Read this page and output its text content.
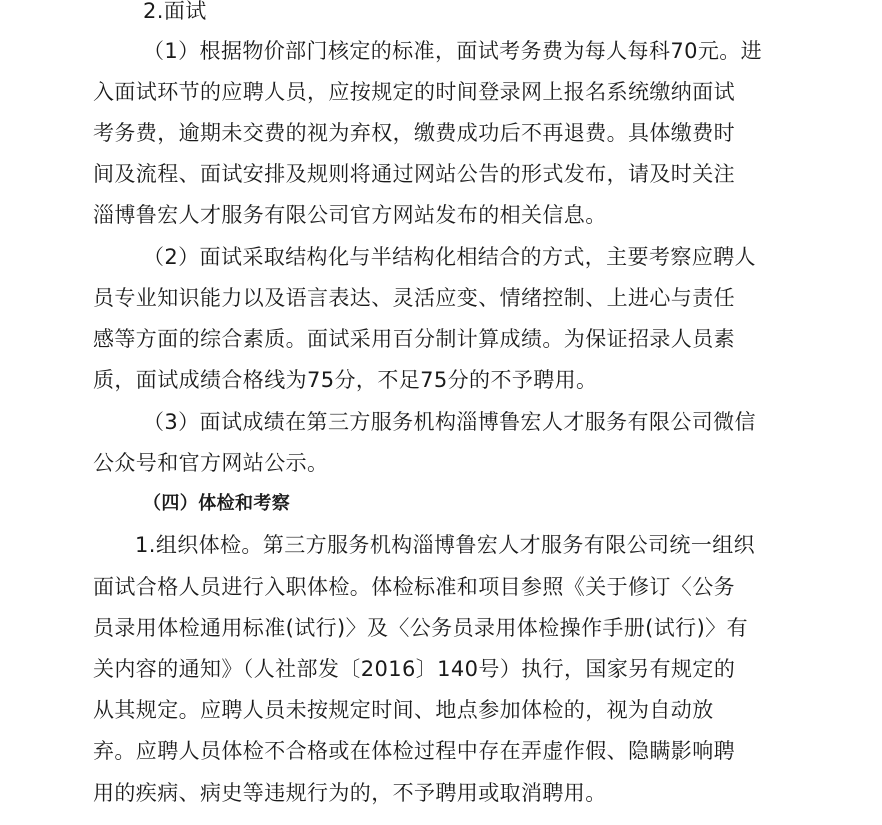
2.面试
（1）根据物价部门核定的标准，面试考务费为每人每科70元。进
入面试环节的应聘人员，应按规定的时间登录网上报名系统缴纳面试
考务费，逾期未交费的视为弃权，缴费成功后不再退费。具体缴费时
间及流程、面试安排及规则将通过网站公告的形式发布，请及时关注
淄博鲁宏人才服务有限公司官方网站发布的相关信息。
（2）面试采取结构化与半结构化相结合的方式，主要考察应聘人
员专业知识能力以及语言表达、灵活应变、情绪控制、上进心与责任
感等方面的综合素质。面试采用百分制计算成绩。为保证招录人员素
质，面试成绩合格线为75分，不足75分的不予聘用。
（3）面试成绩在第三方服务机构淄博鲁宏人才服务有限公司微信
公众号和官方网站公示。
（四）体检和考察
1.组织体检。第三方服务机构淄博鲁宏人才服务有限公司统一组织
面试合格人员进行入职体检。体检标准和项目参照《关于修订〈公务
员录用体检通用标准(试行)〉及〈公务员录用体检操作手册(试行)〉有
关内容的通知》（人社部发〔2016〕140号）执行，国家另有规定的
从其规定。应聘人员未按规定时间、地点参加体检的，视为自动放
弃。应聘人员体检不合格或在体检过程中存在弄虚作假、隐瞒影响聘
用的疾病、病史等违规行为的，不予聘用或取消聘用。
